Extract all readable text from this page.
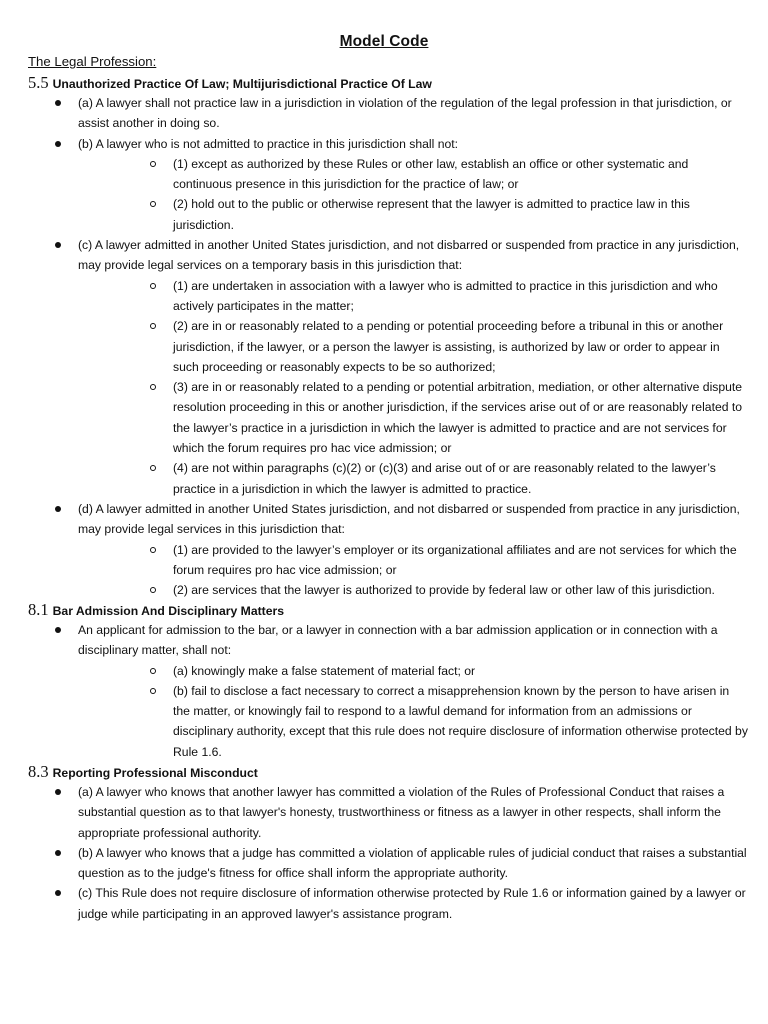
Model Code
The Legal Profession:
5.5 Unauthorized Practice Of Law; Multijurisdictional Practice Of Law
(a) A lawyer shall not practice law in a jurisdiction in violation of the regulation of the legal profession in that jurisdiction, or assist another in doing so.
(b) A lawyer who is not admitted to practice in this jurisdiction shall not:
(1) except as authorized by these Rules or other law, establish an office or other systematic and continuous presence in this jurisdiction for the practice of law; or
(2) hold out to the public or otherwise represent that the lawyer is admitted to practice law in this jurisdiction.
(c) A lawyer admitted in another United States jurisdiction, and not disbarred or suspended from practice in any jurisdiction, may provide legal services on a temporary basis in this jurisdiction that:
(1) are undertaken in association with a lawyer who is admitted to practice in this jurisdiction and who actively participates in the matter;
(2) are in or reasonably related to a pending or potential proceeding before a tribunal in this or another jurisdiction, if the lawyer, or a person the lawyer is assisting, is authorized by law or order to appear in such proceeding or reasonably expects to be so authorized;
(3) are in or reasonably related to a pending or potential arbitration, mediation, or other alternative dispute resolution proceeding in this or another jurisdiction, if the services arise out of or are reasonably related to the lawyer’s practice in a jurisdiction in which the lawyer is admitted to practice and are not services for which the forum requires pro hac vice admission; or
(4) are not within paragraphs (c)(2) or (c)(3) and arise out of or are reasonably related to the lawyer’s practice in a jurisdiction in which the lawyer is admitted to practice.
(d) A lawyer admitted in another United States jurisdiction, and not disbarred or suspended from practice in any jurisdiction, may provide legal services in this jurisdiction that:
(1) are provided to the lawyer’s employer or its organizational affiliates and are not services for which the forum requires pro hac vice admission; or
(2) are services that the lawyer is authorized to provide by federal law or other law of this jurisdiction.
8.1 Bar Admission And Disciplinary Matters
An applicant for admission to the bar, or a lawyer in connection with a bar admission application or in connection with a disciplinary matter, shall not:
(a) knowingly make a false statement of material fact; or
(b) fail to disclose a fact necessary to correct a misapprehension known by the person to have arisen in the matter, or knowingly fail to respond to a lawful demand for information from an admissions or disciplinary authority, except that this rule does not require disclosure of information otherwise protected by Rule 1.6.
8.3 Reporting Professional Misconduct
(a) A lawyer who knows that another lawyer has committed a violation of the Rules of Professional Conduct that raises a substantial question as to that lawyer's honesty, trustworthiness or fitness as a lawyer in other respects, shall inform the appropriate professional authority.
(b) A lawyer who knows that a judge has committed a violation of applicable rules of judicial conduct that raises a substantial question as to the judge's fitness for office shall inform the appropriate authority.
(c) This Rule does not require disclosure of information otherwise protected by Rule 1.6 or information gained by a lawyer or judge while participating in an approved lawyer's assistance program.
